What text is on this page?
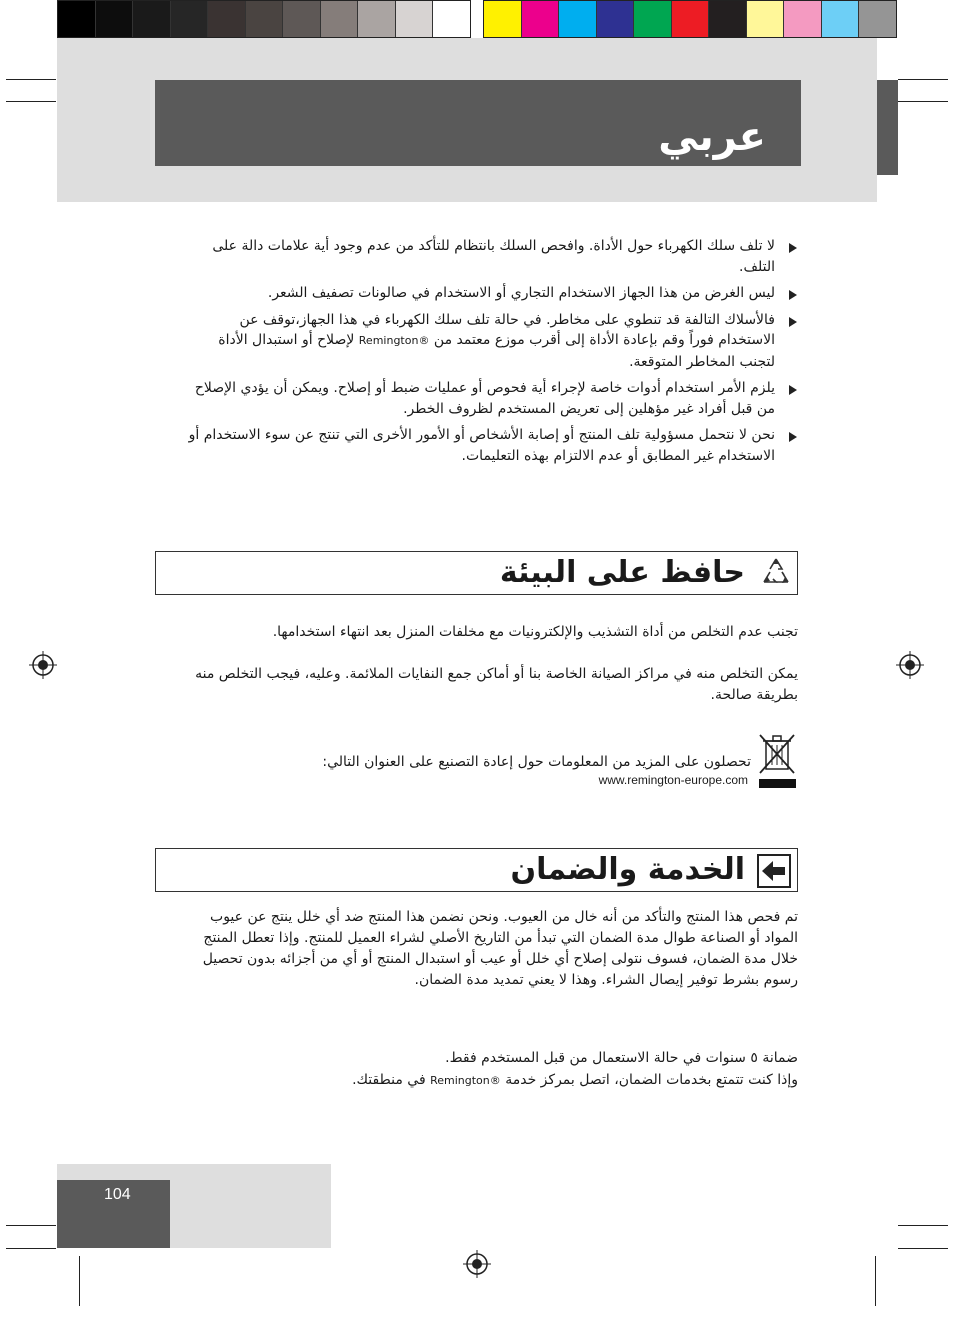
عربي
لا تلف سلك الكهرباء حول الأداة. وافحص السلك بانتظام للتأكد من عدم وجود أية علامات دالة على التلف.
ليس الغرض من هذا الجهاز الاستخدام التجاري أو الاستخدام في صالونات تصفيف الشعر.
فالأسلاك التالفة قد تنطوي على مخاطر. في حالة تلف سلك الكهرباء في هذا الجهاز،توقف عن الاستخدام فوراً وقم بإعادة الأداة إلى أقرب موزع معتمد من Remington® لإصلاح أو استبدال الأداة لتجنب المخاطر المتوقعة.
يلزم الأمر استخدام أدوات خاصة لإجراء أية فحوص أو عمليات ضبط أو إصلاح. ويمكن أن يؤدي الإصلاح من قبل أفراد غير مؤهلين إلى تعريض المستخدم لظروف الخطر.
نحن لا نتحمل مسؤولية تلف المنتج أو إصابة الأشخاص أو الأمور الأخرى التي تنتج عن سوء الاستخدام أو الاستخدام غير المطابق أو عدم الالتزام بهذه التعليمات.
حافظ على البيئة
تجنب عدم التخلص من أداة التشذيب والإلكترونيات مع مخلفات المنزل بعد انتهاء استخدامها.
يمكن التخلص منه في مراكز الصيانة الخاصة بنا أو أماكن جمع النفايات الملائمة. وعليه، فيجب التخلص منه بطريقة صالحة.
تحصلون على المزيد من المعلومات حول إعادة التصنيع على العنوان التالي:
www.remington-europe.com
الخدمة والضمان
تم فحص هذا المنتج والتأكد من أنه خال من العيوب. ونحن نضمن هذا المنتج ضد أي خلل ينتج عن عيوب المواد أو الصناعة طوال مدة الضمان التي تبدأ من التاريخ الأصلي لشراء العميل للمنتج. وإذا تعطل المنتج خلال مدة الضمان، فسوف نتولى إصلاح أي خلل أو عيب أو استبدال المنتج أو أي من أجزائه بدون تحصيل رسوم بشرط توفير إيصال الشراء. وهذا لا يعني تمديد مدة الضمان.
ضمانة ٥ سنوات في حالة الاستعمال من قبل المستخدم فقط.
وإذا كنت تتمتع بخدمات الضمان، اتصل بمركز خدمة Remington® في منطقتك.
104
